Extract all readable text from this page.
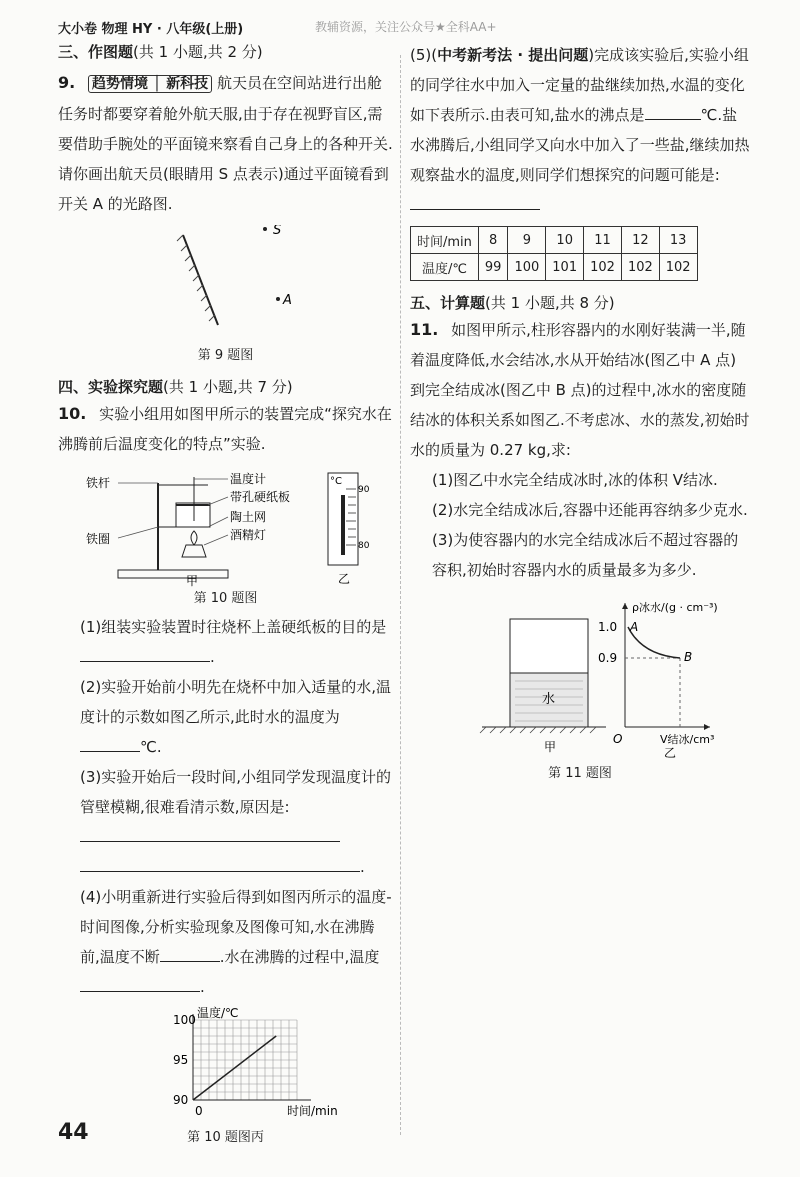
大小卷 物理 HY · 八年级(上册)	教辅资源，关注公众号★全科AA+

三、作图题(共 1 小题,共 2 分)

9. 趋势情境 │ 新科技 航天员在空间站进行出舱任务时都要穿着舱外航天服,由于存在视野盲区,需要借助手腕处的平面镜来察看自己身上的各种开关.请你画出航天员(眼睛用 S 点表示)通过平面镜看到开关 A 的光路图.

S
A
第 9 题图

四、实验探究题(共 1 小题,共 7 分)

10. 实验小组用如图甲所示的装置完成“探究水在沸腾前后温度变化的特点”实验.

铁杆	温度计
带孔硬纸板
陶土网
酒精灯
铁圈
甲
°C
90
80
乙
第 10 题图

(1)组装实验装置时往烧杯上盖硬纸板的目的是.

(2)实验开始前小明先在烧杯中加入适量的水,温度计的示数如图乙所示,此时水的温度为℃.

(3)实验开始后一段时间,小组同学发现温度计的管壁模糊,很难看清示数,原因是:.

(4)小明重新进行实验后得到如图丙所示的温度-时间图像,分析实验现象及图像可知,水在沸腾前,温度不断	.水在沸腾的过程中,温度.

温度/℃
时间/min
90
95
100
0
第 10 题图丙

(5)(中考新考法 · 提出问题)完成该实验后,实验小组的同学往水中加入一定量的盐继续加热,水温的变化如下表所示.由表可知,盐水的沸点是	℃.盐水沸腾后,小组同学又向水中加入了一些盐,继续加热观察盐水的温度,则同学们想探究的问题可能是:

时间/min	8	9	10	11	12	13
温度/℃	99	100	101	102	102	102

五、计算题(共 1 小题,共 8 分)

11. 如图甲所示,柱形容器内的水刚好装满一半,随着温度降低,水会结冰,水从开始结冰(图乙中 A 点)到完全结成冰(图乙中 B 点)的过程中,冰水的密度随结冰的体积关系如图乙.不考虑冰、水的蒸发,初始时水的质量为 0.27 kg,求:

(1)图乙中水完全结成冰时,冰的体积 V结冰.

(2)水完全结成冰后,容器中还能再容纳多少克水.

(3)为使容器内的水完全结成冰后不超过容器的容积,初始时容器内水的质量最多为多少.

水
甲
ρ冰水/(g · cm⁻³)
V结冰/cm³
O
1.0
0.9
A
B
乙
第 11 题图
44
